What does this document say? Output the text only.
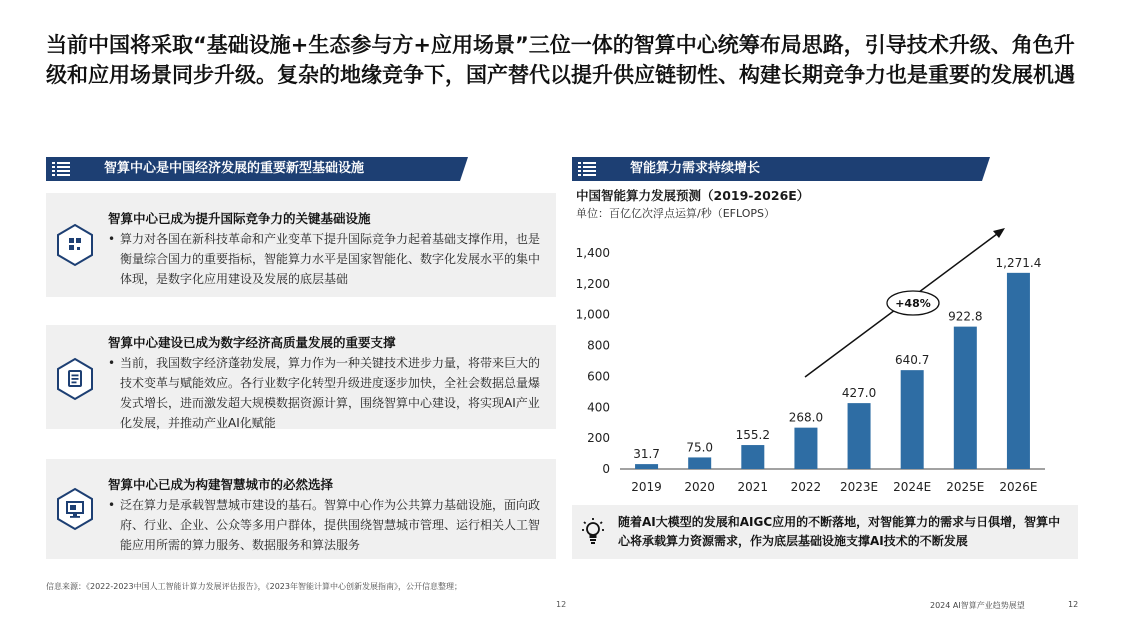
当前中国将采取“基础设施+生态参与方+应用场景”三位一体的智算中心统筹布局思路，引导技术升级、角色升级和应用场景同步升级。复杂的地缘竞争下，国产替代以提升供应链韧性、构建长期竞争力也是重要的发展机遇
智算中心是中国经济发展的重要新型基础设施
智算中心已成为提升国际竞争力的关键基础设施
• 算力对各国在新科技革命和产业变革下提升国际竞争力起着基础支撑作用，也是衡量综合国力的重要指标，智能算力水平是国家智能化、数字化发展水平的集中体现，是数字化应用建设及发展的底层基础
智算中心建设已成为数字经济高质量发展的重要支撑
• 当前，我国数字经济蓬勃发展，算力作为一种关键技术进步力量，将带来巨大的技术变革与赋能效应。各行业数字化转型升级进度逐步加快，全社会数据总量爆发式增长，进而激发超大规模数据资源计算，围绕智算中心建设，将实现AI产业化发展，并推动产业AI化赋能
智算中心已成为构建智慧城市的必然选择
• 泛在算力是承载智慧城市建设的基石。智算中心作为公共算力基础设施，面向政府、行业、企业、公众等多用户群体，提供围绕智慧城市管理、运行相关人工智能应用所需的算力服务、数据服务和算法服务
智能算力需求持续增长
中国智能算力发展预测（2019-2026E）
单位：百亿亿次浮点运算/秒（EFLOPS）
0
200
400
600
800
1,000
1,200
1,400
31.7
2019
75.0
2020
155.2
2021
268.0
2022
427.0
2023E
640.7
2024E
922.8
2025E
1,271.4
2026E
+48%
随着AI大模型的发展和AIGC应用的不断落地，对智能算力的需求与日俱增，智算中心将承载算力资源需求，作为底层基础设施支撑AI技术的不断发展
信息来源：《2022-2023中国人工智能计算力发展评估报告》，《2023年智能计算中心创新发展指南》，公开信息整理；
12	2024 AI智算产业趋势展望	12
